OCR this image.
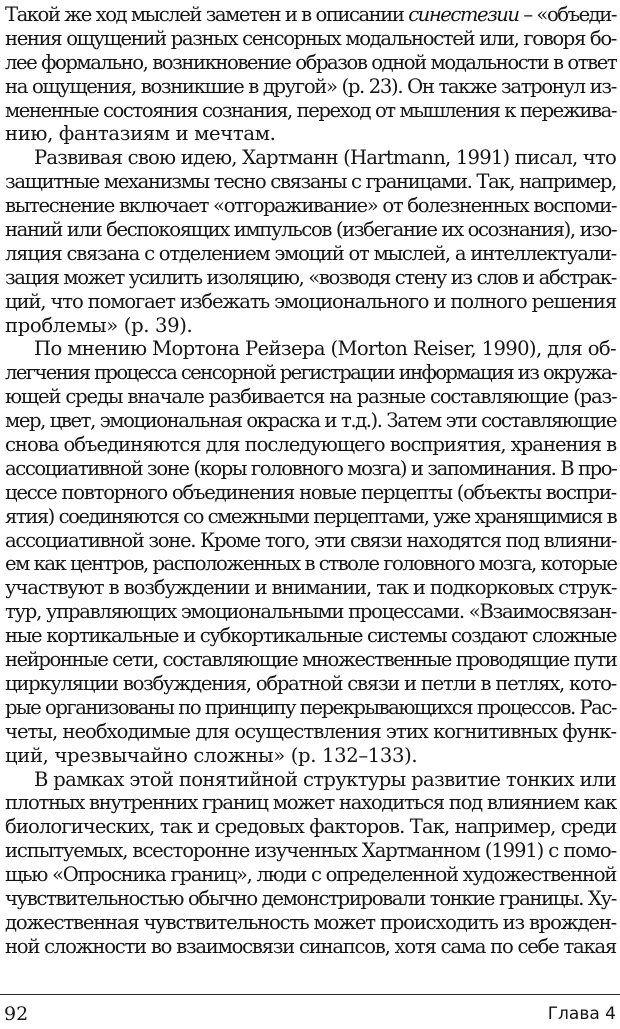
Такой же ход мыслей заметен и в описании синестезии – «объеди-
нения ощущений разных сенсорных модальностей или, говоря бо-
лее формально, возникновение образов одной модальности в ответ
на ощущения, возникшие в другой» (p. 23). Он также затронул из-
мененные состояния сознания, переход от мышления к пережива-
нию, фантазиям и мечтам.
Развивая свою идею, Хартманн (Hartmann, 1991) писал, что
защитные механизмы тесно связаны с границами. Так, например,
вытеснение включает «отгораживание» от болезненных воспоми-
наний или беспокоящих импульсов (избегание их осознания), изо-
ляция связана с отделением эмоций от мыслей, а интеллектуали-
зация может усилить изоляцию, «возводя стену из слов и абстрак-
ций, что помогает избежать эмоционального и полного решения
проблемы» (p. 39).
По мнению Мортона Рейзера (Morton Reiser, 1990), для об-
легчения процесса сенсорной регистрации информация из окружа-
ющей среды вначале разбивается на разные составляющие (раз-
мер, цвет, эмоциональная окраска и т.д.). Затем эти составляющие
снова объединяются для последующего восприятия, хранения в
ассоциативной зоне (коры головного мозга) и запоминания. В про-
цессе повторного объединения новые перцепты (объекты воспри-
ятия) соединяются со смежными перцептами, уже хранящимися в
ассоциативной зоне. Кроме того, эти связи находятся под влияни-
ем как центров, расположенных в стволе головного мозга, которые
участвуют в возбуждении и внимании, так и подкорковых струк-
тур, управляющих эмоциональными процессами. «Взаимосвязан-
ные кортикальные и субкортикальные системы создают сложные
нейронные сети, составляющие множественные проводящие пути
циркуляции возбуждения, обратной связи и петли в петлях, кото-
рые организованы по принципу перекрывающихся процессов. Рас-
четы, необходимые для осуществления этих когнитивных функ-
ций, чрезвычайно сложны» (p. 132–133).
В рамках этой понятийной структуры развитие тонких или
плотных внутренних границ может находиться под влиянием как
биологических, так и средовых факторов. Так, например, среди
испытуемых, всесторонне изученных Хартманном (1991) с помо-
щью «Опросника границ», люди с определенной художественной
чувствительностью обычно демонстрировали тонкие границы. Ху-
дожественная чувствительность может происходить из врожден-
ной сложности во взаимосвязи синапсов, хотя сама по себе такая
92	Глава 4
